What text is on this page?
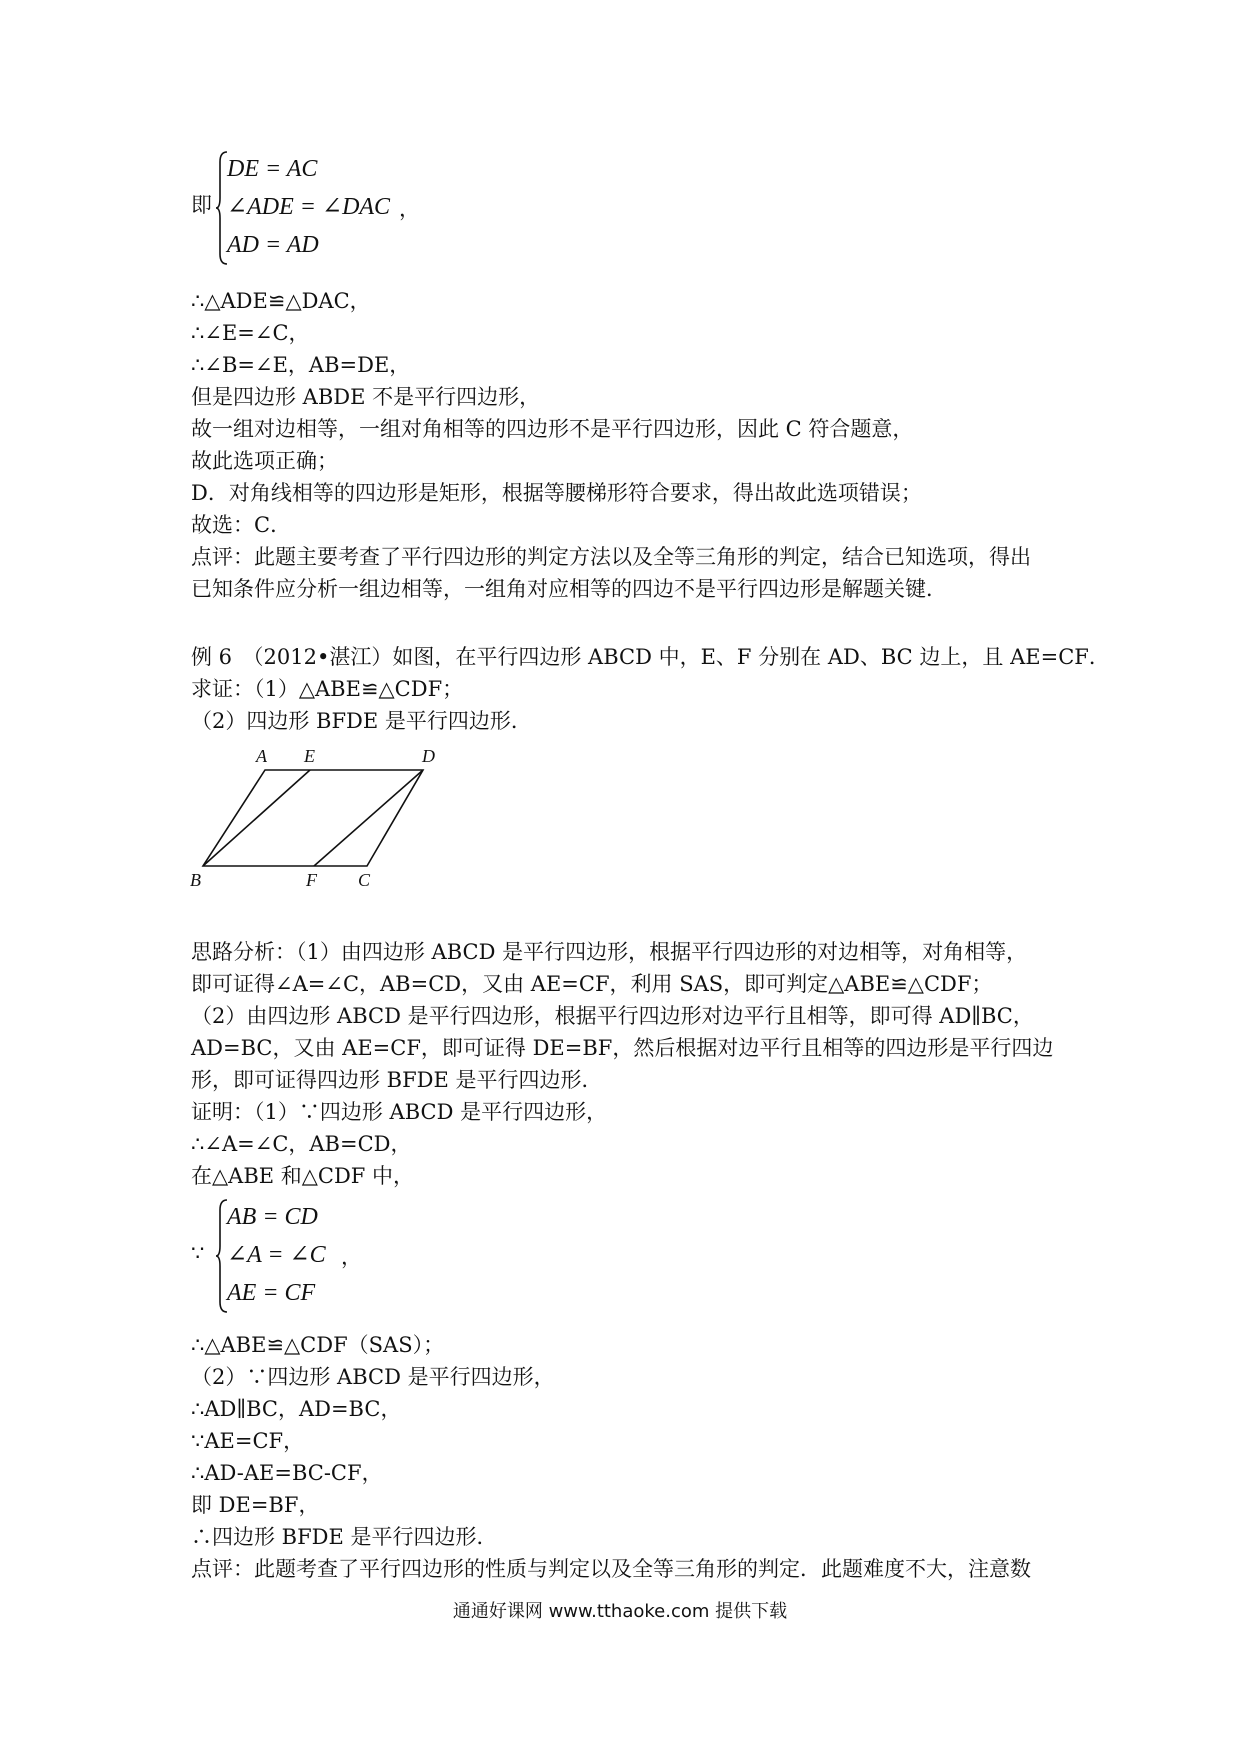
即
DE = AC
∠ADE = ∠DAC ，
AD = AD
∴△ADE≌△DAC，
∴∠E=∠C，
∴∠B=∠E，AB=DE，
但是四边形 ABDE 不是平行四边形，
故一组对边相等，一组对角相等的四边形不是平行四边形，因此 C 符合题意，
故此选项正确；
D．对角线相等的四边形是矩形，根据等腰梯形符合要求，得出故此选项错误；
故选：C．
点评：此题主要考查了平行四边形的判定方法以及全等三角形的判定，结合已知选项，得出
已知条件应分析一组边相等，一组角对应相等的四边不是平行四边形是解题关键．
例 6　（2012•湛江）如图，在平行四边形 ABCD 中，E、F 分别在 AD、BC 边上，且 AE=CF．
求证：（1）△ABE≌△CDF；
（2）四边形 BFDE 是平行四边形．
A E	D
B	F C
思路分析：（1）由四边形 ABCD 是平行四边形，根据平行四边形的对边相等，对角相等，
即可证得∠A=∠C，AB=CD，又由 AE=CF，利用 SAS，即可判定△ABE≌△CDF；
（2）由四边形 ABCD 是平行四边形，根据平行四边形对边平行且相等，即可得 AD∥BC，
AD=BC，又由 AE=CF，即可证得 DE=BF，然后根据对边平行且相等的四边形是平行四边
形，即可证得四边形 BFDE 是平行四边形．
证明：（1）∵四边形 ABCD 是平行四边形，
∴∠A=∠C，AB=CD，
在△ABE 和△CDF 中，
∵
AB = CD
∠A = ∠C ，
AE = CF
∴△ABE≌△CDF（SAS）；
（2）∵四边形 ABCD 是平行四边形，
∴AD∥BC，AD=BC，
∵AE=CF，
∴AD-AE=BC-CF，
即 DE=BF，
∴四边形 BFDE 是平行四边形．
点评：此题考查了平行四边形的性质与判定以及全等三角形的判定．此题难度不大，注意数
通通好课网 www.tthaoke.com 提供下载
